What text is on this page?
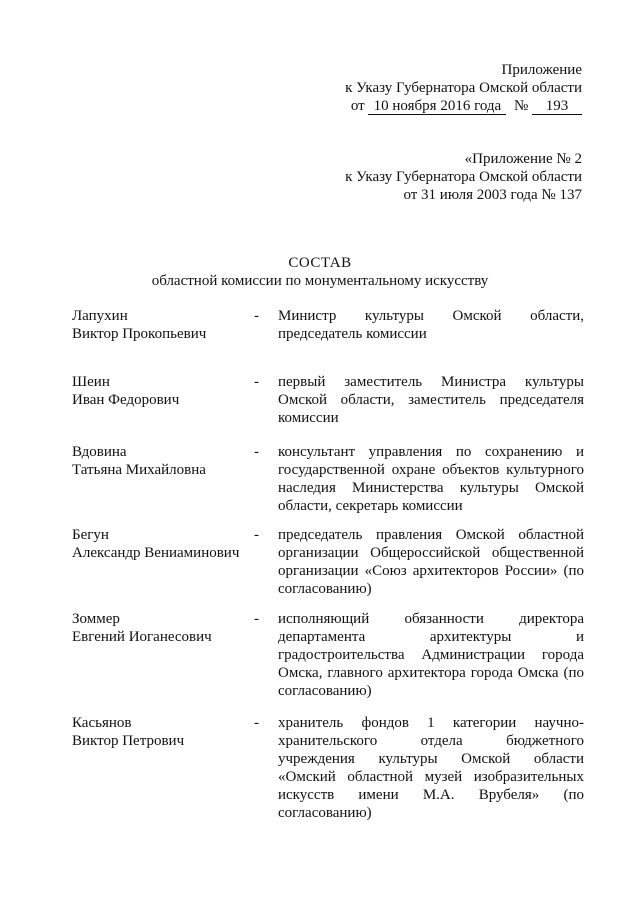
Приложение
к Указу Губернатора Омской области
от 10 ноября 2016 года № 193
«Приложение № 2
к Указу Губернатора Омской области
от 31 июля 2003 года № 137
СОСТАВ
областной комиссии по монументальному искусству
Лапухин
Виктор Прокопьевич
-	Министр культуры Омской области, председатель комиссии
Шеин
Иван Федорович
-	первый заместитель Министра культуры Омской области, заместитель председателя комиссии
Вдовина
Татьяна Михайловна
-	консультант управления по сохранению и государственной охране объектов культурного наследия Министерства культуры Омской области, секретарь комиссии
Бегун
Александр Вениаминович
-	председатель правления Омской областной организации Общероссийской общественной организации «Союз архитекторов России» (по согласованию)
Зоммер
Евгений Иоганесович
-	исполняющий обязанности директора департамента архитектуры и градостроительства Администрации города Омска, главного архитектора города Омска (по согласованию)
Касьянов
Виктор Петрович
-	хранитель фондов 1 категории научно-хранительского отдела бюджетного учреждения культуры Омской области «Омский областной музей изобразительных искусств имени М.А. Врубеля» (по согласованию)
